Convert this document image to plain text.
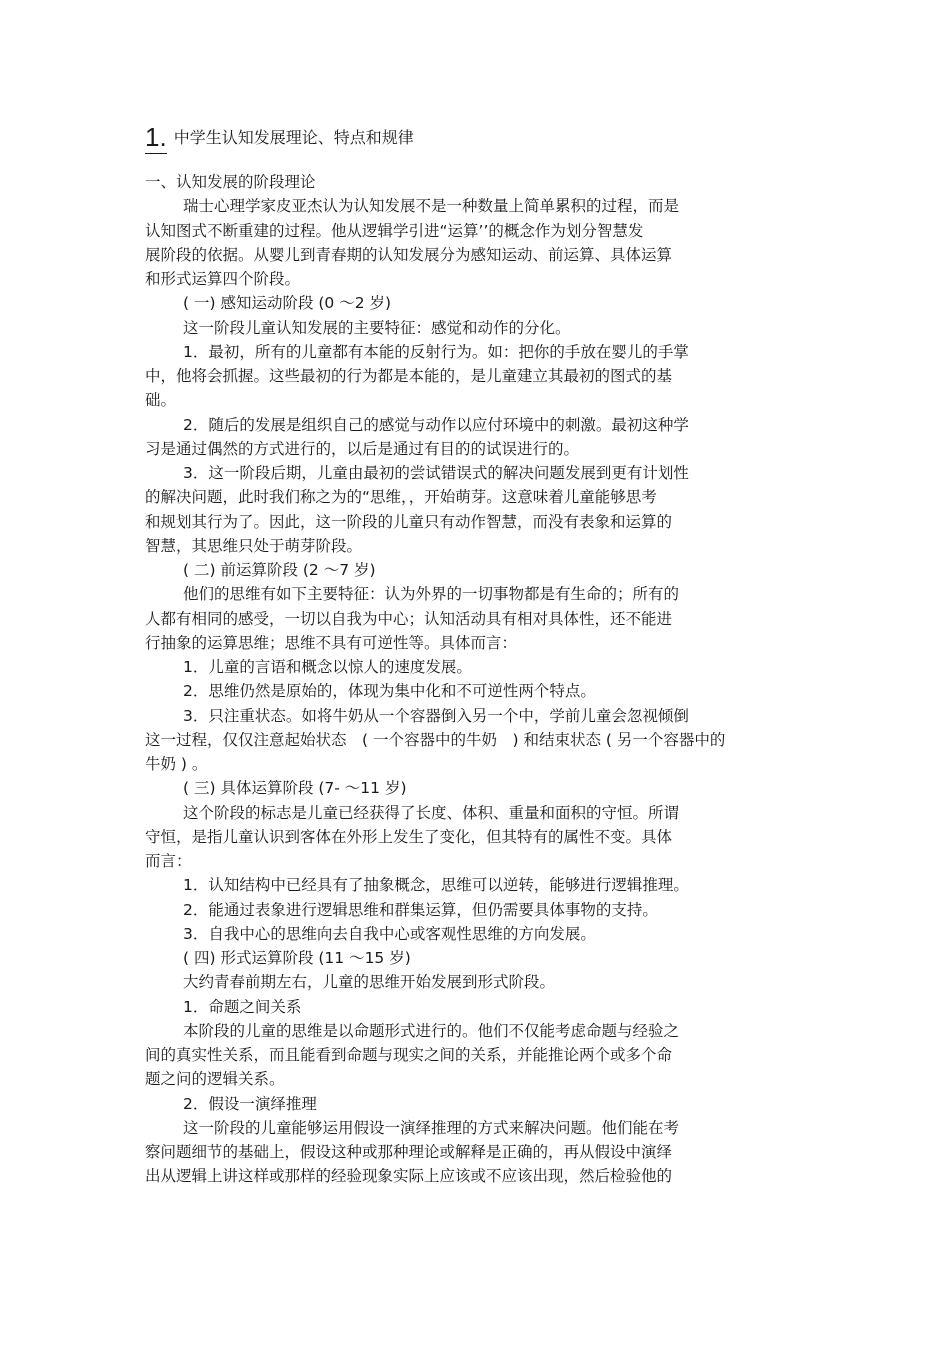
1. 中学生认知发展理论、特点和规律
一、认知发展的阶段理论
瑞士心理学家皮亚杰认为认知发展不是一种数量上简单累积的过程，而是
认知图式不断重建的过程。他从逻辑学引进“运算’’的概念作为划分智慧发
展阶段的依据。从婴儿到青春期的认知发展分为感知运动、前运算、具体运算
和形式运算四个阶段。
( 一) 感知运动阶段 (0 ～2 岁)
这一阶段儿童认知发展的主要特征：感觉和动作的分化。
1．最初，所有的儿童都有本能的反射行为。如：把你的手放在婴儿的手掌
中，他将会抓握。这些最初的行为都是本能的，是儿童建立其最初的图式的基
础。
2．随后的发展是组织自己的感觉与动作以应付环境中的刺激。最初这种学
习是通过偶然的方式进行的，以后是通过有目的的试误进行的。
3．这一阶段后期，儿童由最初的尝试错误式的解决问题发展到更有计划性
的解决问题，此时我们称之为的“思维，，开始萌芽。这意味着儿童能够思考
和规划其行为了。因此，这一阶段的儿童只有动作智慧，而没有表象和运算的
智慧，其思维只处于萌芽阶段。
( 二) 前运算阶段 (2 ～7 岁)
他们的思维有如下主要特征：认为外界的一切事物都是有生命的；所有的
人都有相同的感受，一切以自我为中心；认知活动具有相对具体性，还不能进
行抽象的运算思维；思维不具有可逆性等。具体而言：
1．儿童的言语和概念以惊人的速度发展。
2．思维仍然是原始的，体现为集中化和不可逆性两个特点。
3．只注重状态。如将牛奶从一个容器倒入另一个中，学前儿童会忽视倾倒
这一过程，仅仅注意起始状态　( 一个容器中的牛奶　) 和结束状态 ( 另一个容器中的
牛奶 ) 。
( 三) 具体运算阶段 (7- ～11 岁)
这个阶段的标志是儿童已经获得了长度、体积、重量和面积的守恒。所谓
守恒，是指儿童认识到客体在外形上发生了变化，但其特有的属性不变。具体
而言：
1．认知结构中已经具有了抽象概念，思维可以逆转，能够进行逻辑推理。
2．能通过表象进行逻辑思维和群集运算，但仍需要具体事物的支持。
3．自我中心的思维向去自我中心或客观性思维的方向发展。
( 四) 形式运算阶段 (11 ～15 岁)
大约青春前期左右，儿童的思维开始发展到形式阶段。
1．命题之间关系
本阶段的儿童的思维是以命题形式进行的。他们不仅能考虑命题与经验之
间的真实性关系，而且能看到命题与现实之间的关系，并能推论两个或多个命
题之问的逻辑关系。
2．假设一演绎推理
这一阶段的儿童能够运用假设一演绎推理的方式来解决问题。他们能在考
察问题细节的基础上，假设这种或那种理论或解释是正确的，再从假设中演绎
出从逻辑上讲这样或那样的经验现象实际上应该或不应该出现，然后检验他的
